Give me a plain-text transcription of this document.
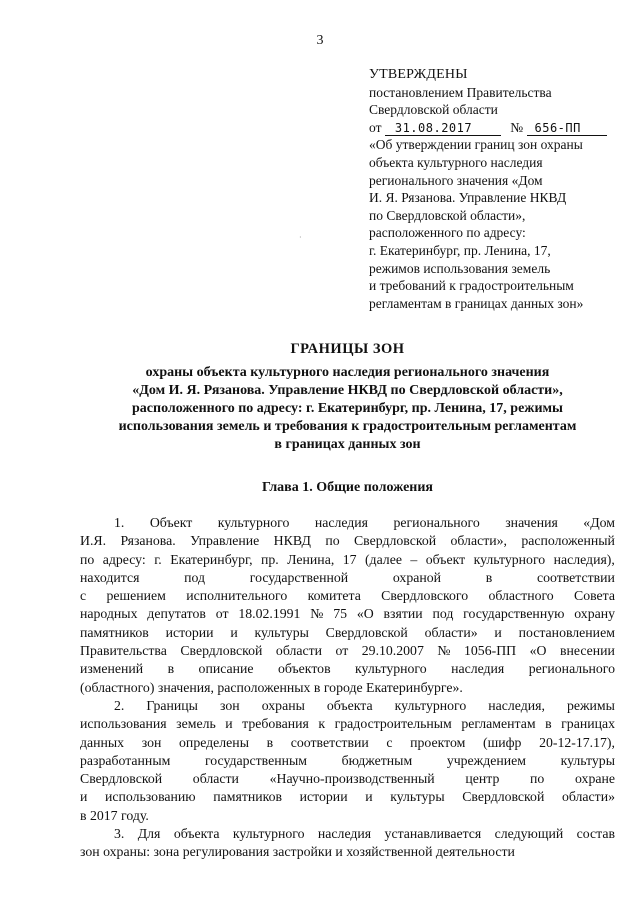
3
УТВЕРЖДЕНЫ
постановлением Правительства
Свердловской области
от 31.08.2017	№ 656-ПП
«Об утверждении границ зон охраны
объекта культурного наследия
регионального значения «Дом
И. Я. Рязанова. Управление НКВД
по Свердловской области»,
расположенного по адресу:
г. Екатеринбург, пр. Ленина, 17,
режимов использования земель
и требований к градостроительным
регламентам в границах данных зон»
·
ГРАНИЦЫ ЗОН
охраны объекта культурного наследия регионального значения
«Дом И. Я. Рязанова. Управление НКВД по Свердловской области»,
расположенного по адресу: г. Екатеринбург, пр. Ленина, 17, режимы
использования земель и требования к градостроительным регламентам
в границах данных зон
Глава 1. Общие положения
1. Объект культурного наследия регионального значения «Дом
И.Я. Рязанова. Управление НКВД по Свердловской области», расположенный
по адресу: г. Екатеринбург, пр. Ленина, 17 (далее – объект культурного наследия),
находится	под	государственной	охраной	в	соответствии
с решением исполнительного комитета Свердловского областного Совета
народных депутатов от 18.02.1991 № 75 «О взятии под государственную охрану
памятников истории и культуры Свердловской области» и постановлением
Правительства Свердловской области от 29.10.2007 № 1056-ПП «О внесении
изменений в описание объектов культурного наследия регионального
(областного) значения, расположенных в городе Екатеринбурге».
2. Границы зон охраны объекта культурного наследия, режимы
использования земель и требования к градостроительным регламентам в границах
данных зон определены в соответствии с проектом (шифр 20-12-17.17),
разработанным	государственным	бюджетным	учреждением	культуры
Свердловской области «Научно-производственный центр по охране
и использованию памятников истории и культуры Свердловской области»
в 2017 году.
3. Для объекта культурного наследия устанавливается следующий состав
зон охраны: зона регулирования застройки и хозяйственной деятельности
